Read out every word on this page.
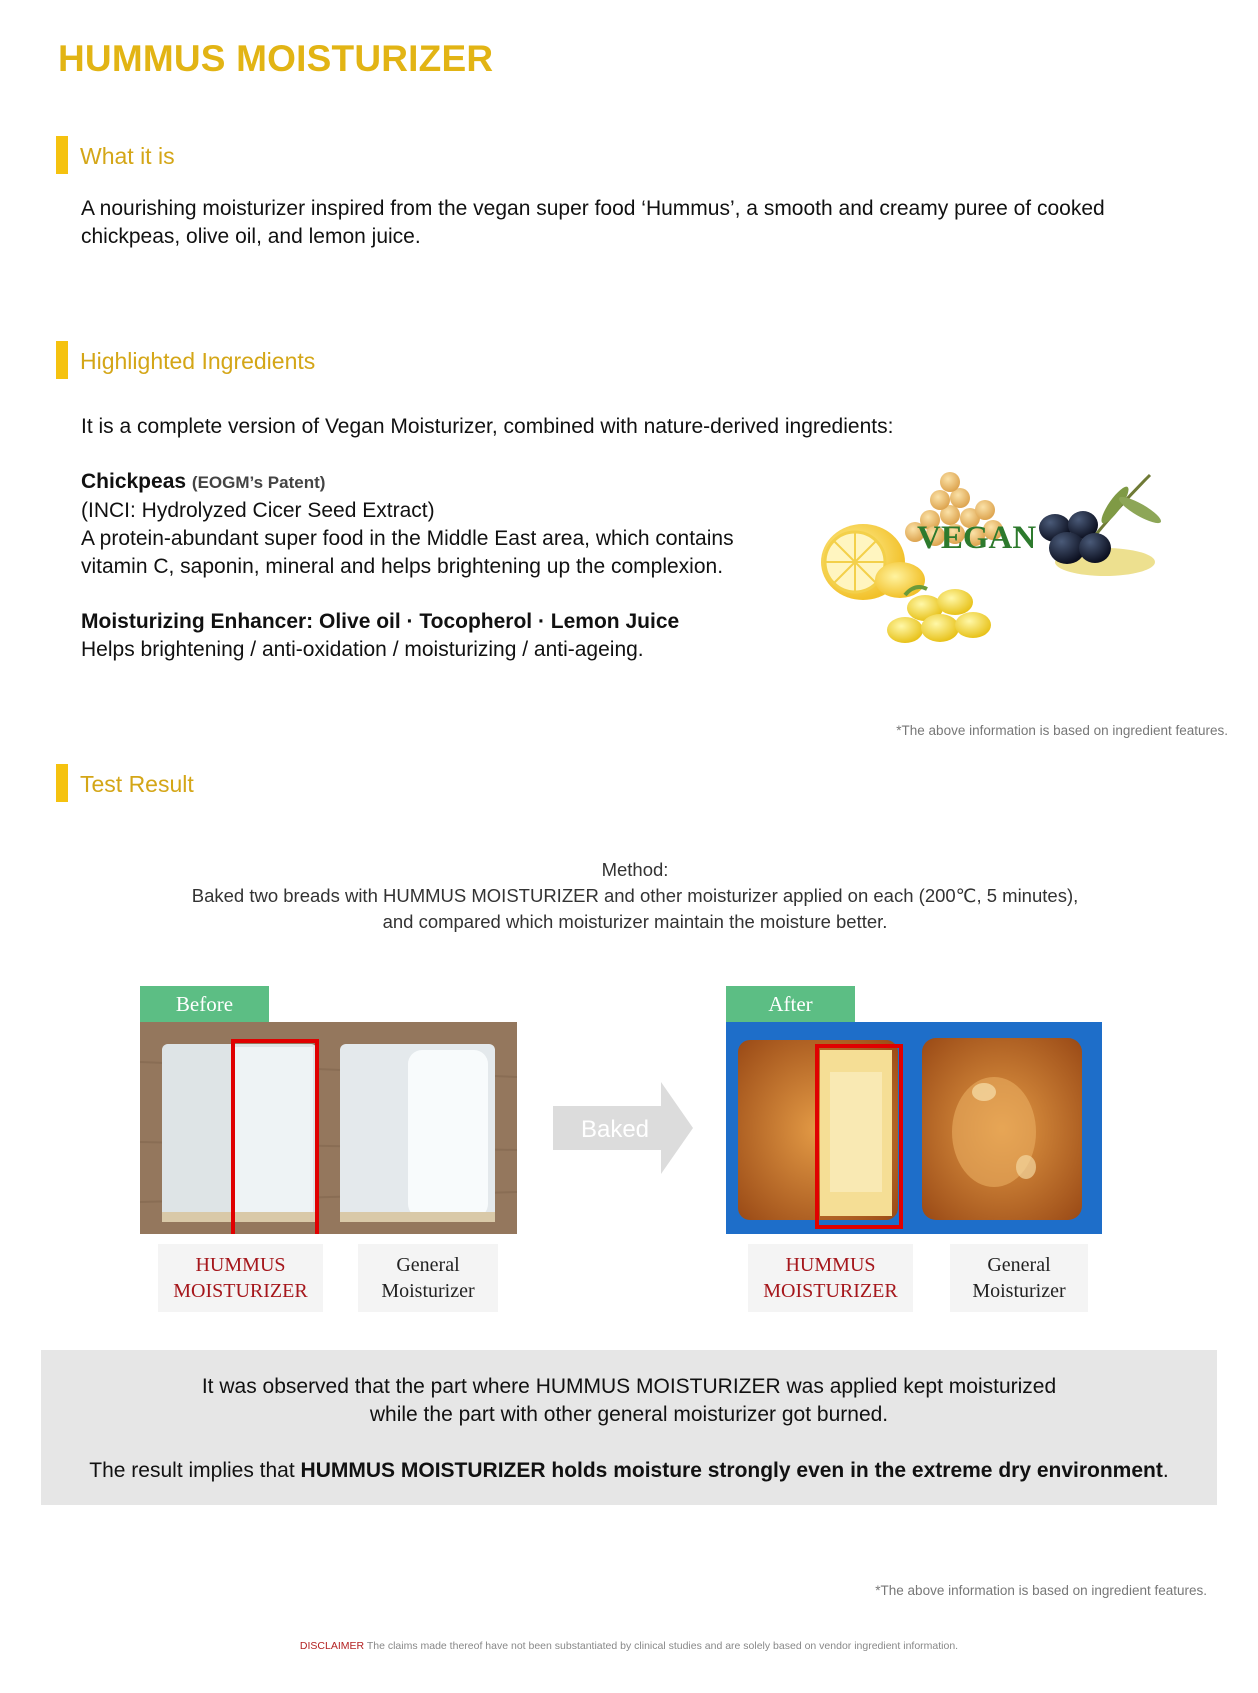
HUMMUS MOISTURIZER
What it is
A nourishing moisturizer inspired from the vegan super food ‘Hummus’, a smooth and creamy puree of cooked
chickpeas, olive oil, and lemon juice.
Highlighted Ingredients
It is a complete version of Vegan Moisturizer, combined with nature-derived ingredients:
Chickpeas (EOGM’s Patent)
(INCI: Hydrolyzed Cicer Seed Extract)
A protein-abundant super food in the Middle East area, which contains
vitamin C, saponin, mineral and helps brightening up the complexion.
Moisturizing Enhancer: Olive oil · Tocopherol · Lemon Juice
Helps brightening / anti-oxidation / moisturizing / anti-ageing.
VEGAN
*The above information is based on ingredient features.
Test Result
Method:
Baked two breads with HUMMUS MOISTURIZER and other moisturizer applied on each (200℃, 5 minutes),
and compared which moisturizer maintain the moisture better.
Before
Baked
After
HUMMUS
MOISTURIZER
General
Moisturizer
HUMMUS
MOISTURIZER
General
Moisturizer
It was observed that the part where HUMMUS MOISTURIZER was applied kept moisturized
while the part with other general moisturizer got burned.
The result implies that HUMMUS MOISTURIZER holds moisture strongly even in the extreme dry environment.
*The above information is based on ingredient features.
DISCLAIMER The claims made thereof have not been substantiated by clinical studies and are solely based on vendor ingredient information.
